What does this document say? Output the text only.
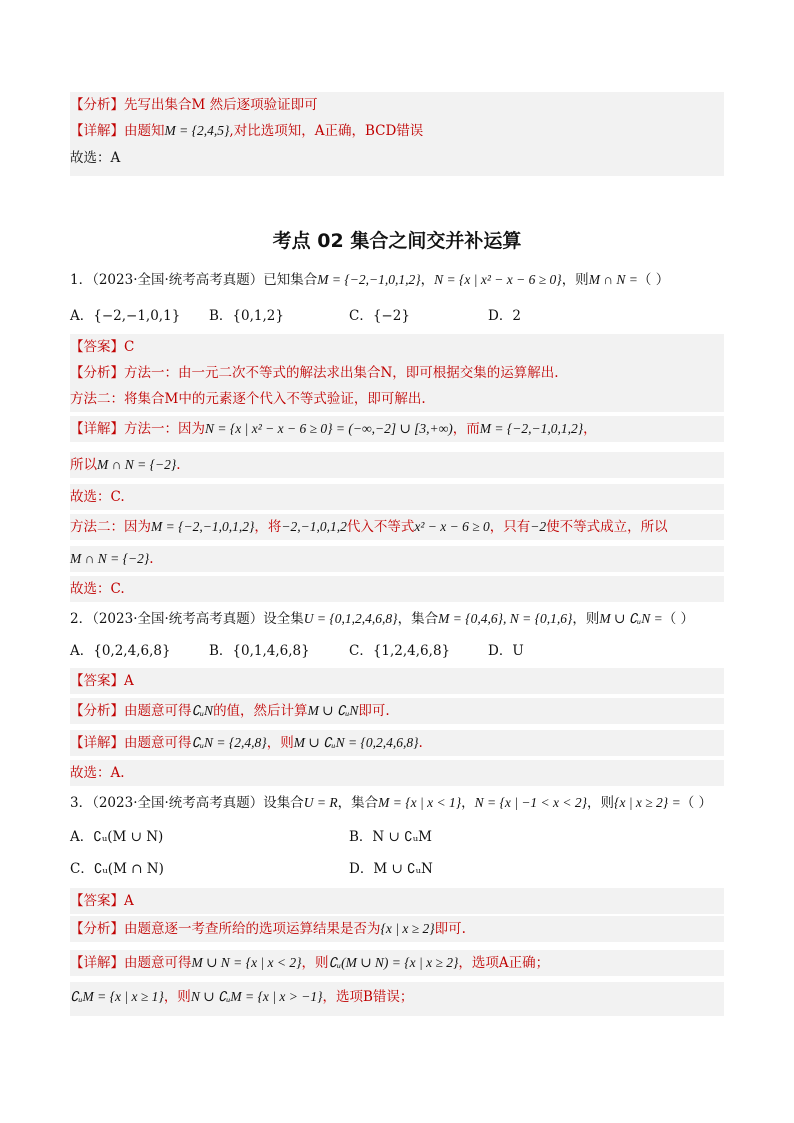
【分析】先写出集合M 然后逐项验证即可
【详解】由题知M = {2,4,5},对比选项知，A正确，BCD错误
故选：A
考点 02 集合之间交并补运算
1．（2023·全国·统考高考真题）已知集合M = {−2,−1,0,1,2}，N = {x | x² − x − 6 ≥ 0}，则M ∩ N =（ ）
A．{−2,−1,0,1} B．{0,1,2}	C．{−2}	D．2
【答案】C
【分析】方法一：由一元二次不等式的解法求出集合N，即可根据交集的运算解出.
方法二：将集合M中的元素逐个代入不等式验证，即可解出.
【详解】方法一：因为N = {x | x² − x − 6 ≥ 0} = (−∞,−2] ∪ [3,+∞)，而M = {−2,−1,0,1,2}，
所以M ∩ N = {−2}.
故选：C.
方法二：因为M = {−2,−1,0,1,2}，将−2,−1,0,1,2代入不等式x² − x − 6 ≥ 0，只有−2使不等式成立，所以
M ∩ N = {−2}.
故选：C.
2．（2023·全国·统考高考真题）设全集U = {0,1,2,4,6,8}，集合M = {0,4,6}, N = {0,1,6}，则M ∪ ∁ᵤN =（ ）
A．{0,2,4,6,8}	B．{0,1,4,6,8}	C．{1,2,4,6,8}	D．U
【答案】A
【分析】由题意可得∁ᵤN的值，然后计算M ∪ ∁ᵤN即可.
【详解】由题意可得∁ᵤN = {2,4,8}，则M ∪ ∁ᵤN = {0,2,4,6,8}.
故选：A.
3．（2023·全国·统考高考真题）设集合U = R，集合M = {x | x < 1}，N = {x | −1 < x < 2}，则{x | x ≥ 2} =（ ）
A．∁ᵤ(M ∪ N)	B．N ∪ ∁ᵤM
C．∁ᵤ(M ∩ N)	D．M ∪ ∁ᵤN
【答案】A
【分析】由题意逐一考查所给的选项运算结果是否为{x | x ≥ 2}即可.
【详解】由题意可得M ∪ N = {x | x < 2}，则∁ᵤ(M ∪ N) = {x | x ≥ 2}，选项A正确；
∁ᵤM = {x | x ≥ 1}，则N ∪ ∁ᵤM = {x | x > −1}，选项B错误；
